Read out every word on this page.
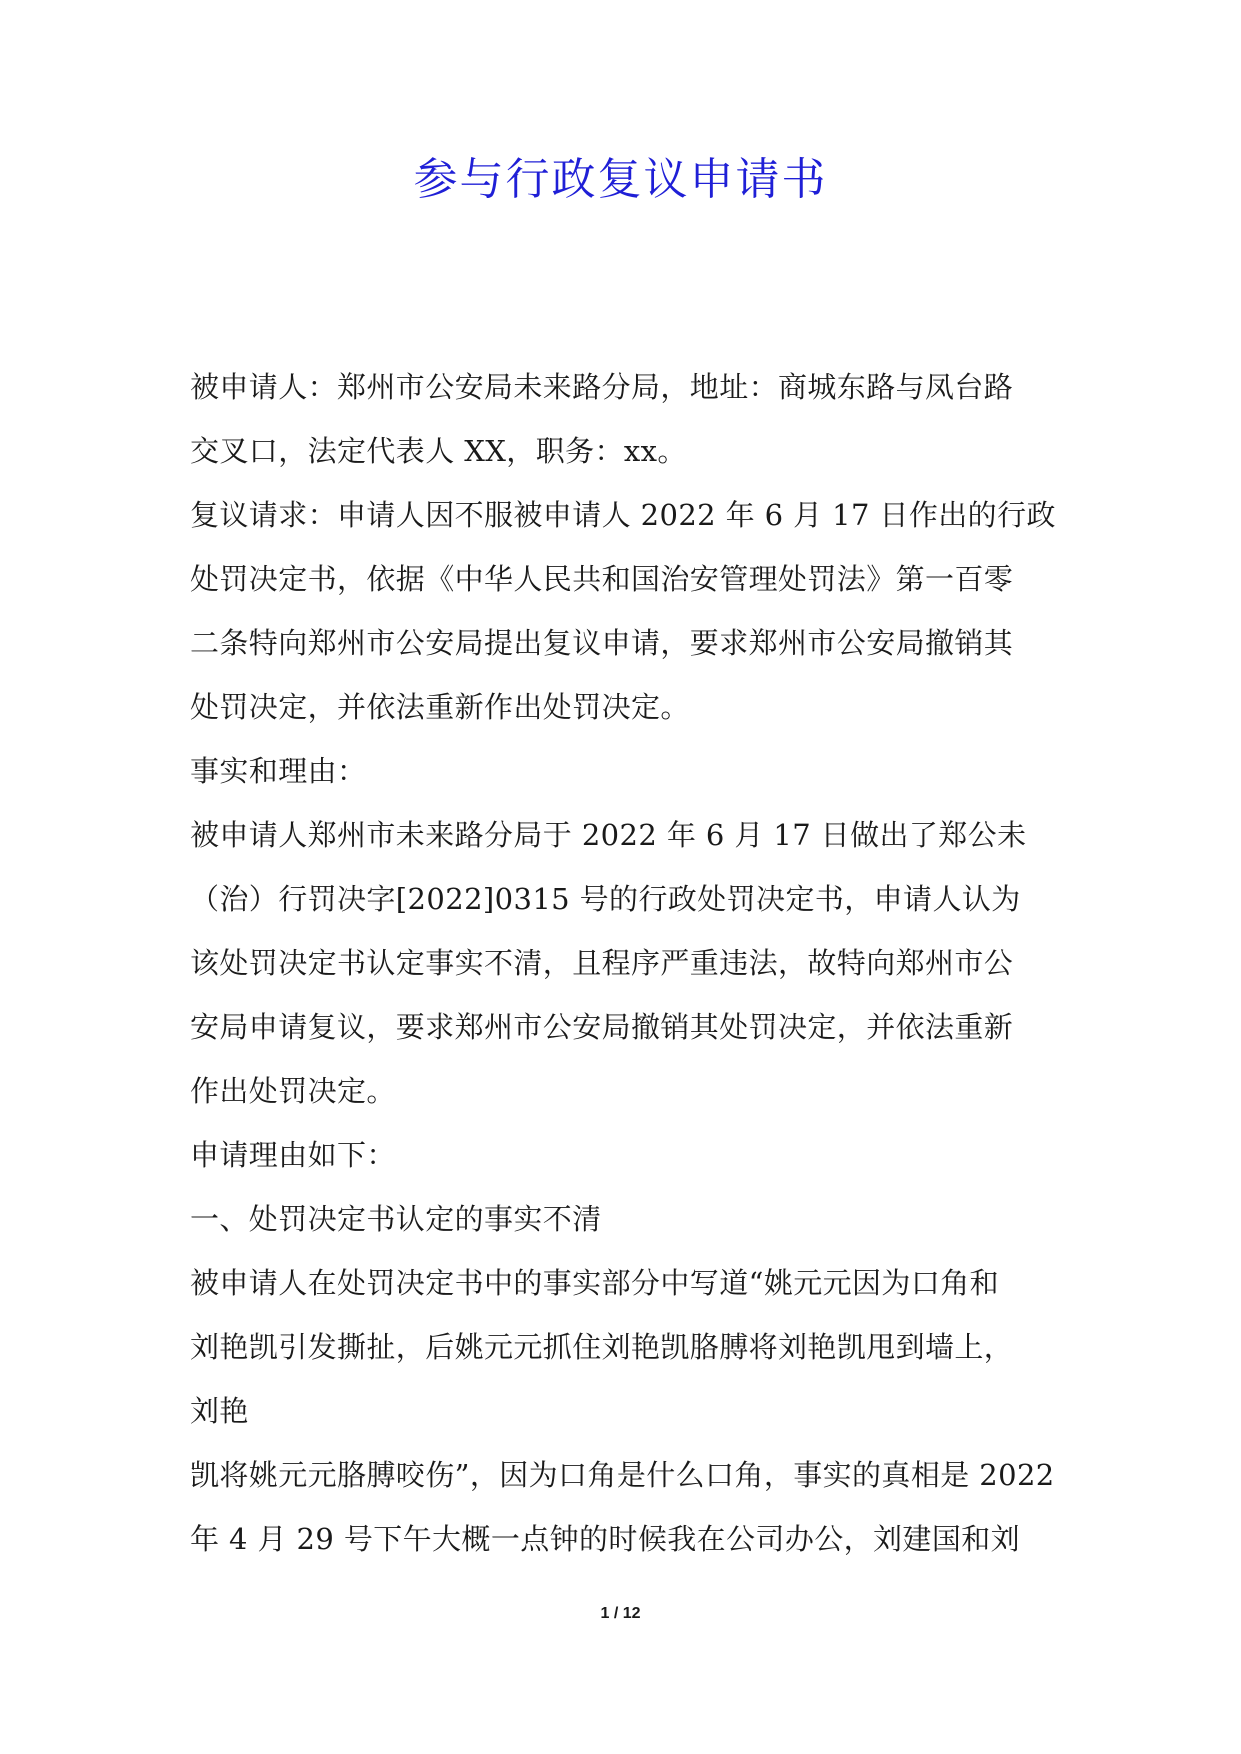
参与行政复议申请书
被申请人：郑州市公安局未来路分局，地址：商城东路与凤台路
交叉口，法定代表人 XX，职务：xx。
复议请求：申请人因不服被申请人 2022 年 6 月 17 日作出的行政
处罚决定书，依据《中华人民共和国治安管理处罚法》第一百零
二条特向郑州市公安局提出复议申请，要求郑州市公安局撤销其
处罚决定，并依法重新作出处罚决定。
事实和理由：
被申请人郑州市未来路分局于 2022 年 6 月 17 日做出了郑公未
（治）行罚决字[2022]0315 号的行政处罚决定书，申请人认为
该处罚决定书认定事实不清，且程序严重违法，故特向郑州市公
安局申请复议，要求郑州市公安局撤销其处罚决定，并依法重新
作出处罚决定。
申请理由如下：
一、处罚决定书认定的事实不清
被申请人在处罚决定书中的事实部分中写道“姚元元因为口角和
刘艳凯引发撕扯，后姚元元抓住刘艳凯胳膊将刘艳凯甩到墙上，
刘艳
凯将姚元元胳膊咬伤”，因为口角是什么口角，事实的真相是 2022
年 4 月 29 号下午大概一点钟的时候我在公司办公，刘建国和刘
1 / 12
